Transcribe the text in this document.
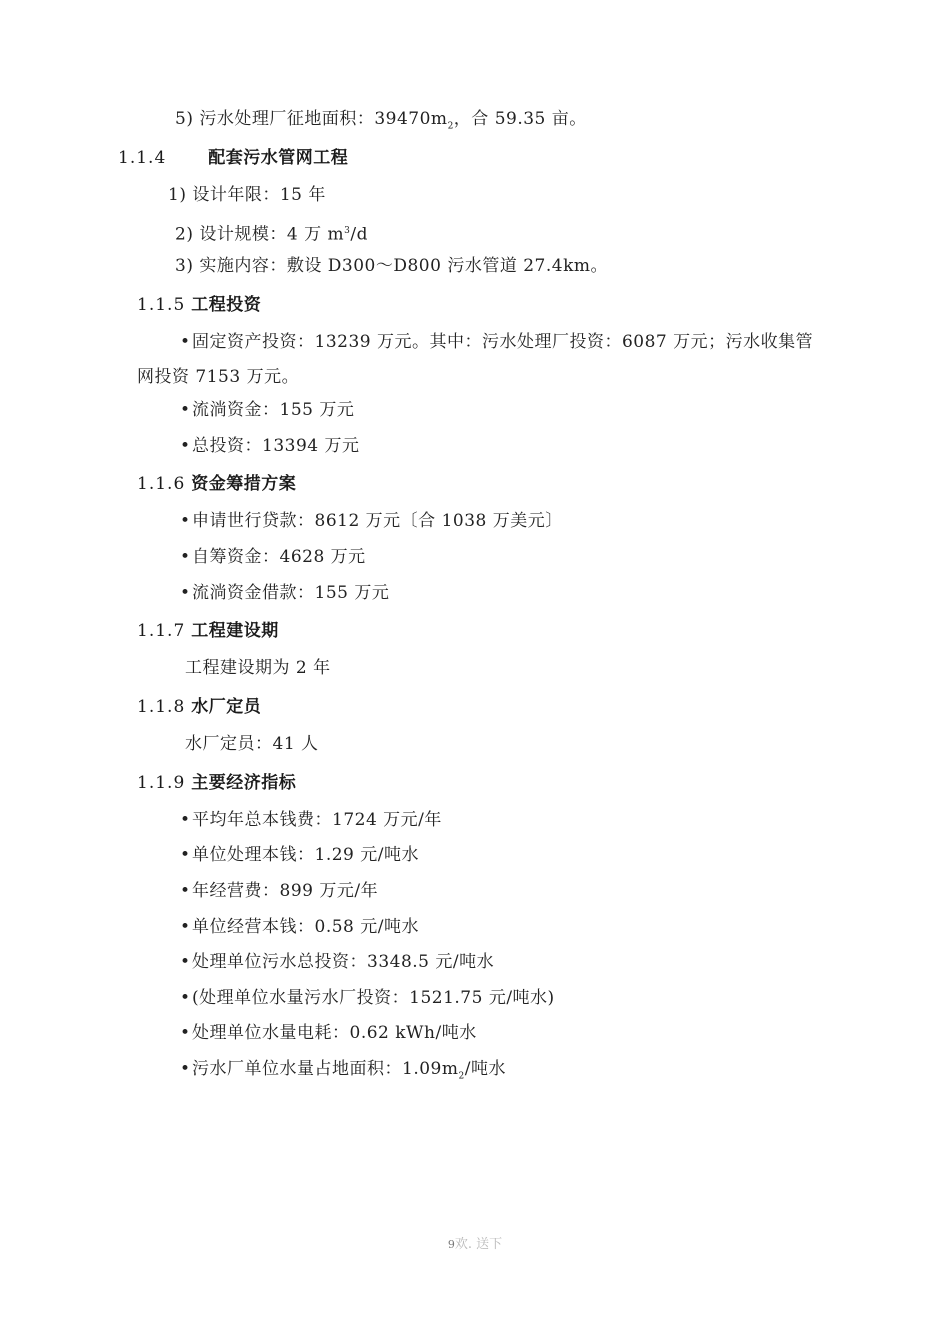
5) 污水处理厂征地面积：$39470m_2$，合 59.35 亩。
1.1.4 配套污水管网工程
1) 设计年限：15 年
2) 设计规模：4 万 $m^3/d$
3) 实施内容：敷设 D300～D800 污水管道 27.4km。
1.1.5 工程投资
•固定资产投资：13239 万元。其中：污水处理厂投资：6087 万元；污水收集管
网投资 7153 万元。
•流淌资金：155 万元
•总投资：13394 万元
1.1.6 资金筹措方案
•申请世行贷款：8612 万元〔合 1038 万美元〕
•自筹资金：4628 万元
•流淌资金借款：155 万元
1.1.7 工程建设期
工程建设期为 2 年
1.1.8 水厂定员
水厂定员：41 人
1.1.9 主要经济指标
•平均年总本钱费：1724 万元/年
•单位处理本钱：1.29 元/吨水
•年经营费：899 万元/年
•单位经营本钱：0.58 元/吨水
•处理单位污水总投资：3348.5 元/吨水
•(处理单位水量污水厂投资：1521.75 元/吨水)
•处理单位水量电耗：0.62 kWh/吨水
•污水厂单位水量占地面积：$1.09m_2/$吨水
9欢. 送下
